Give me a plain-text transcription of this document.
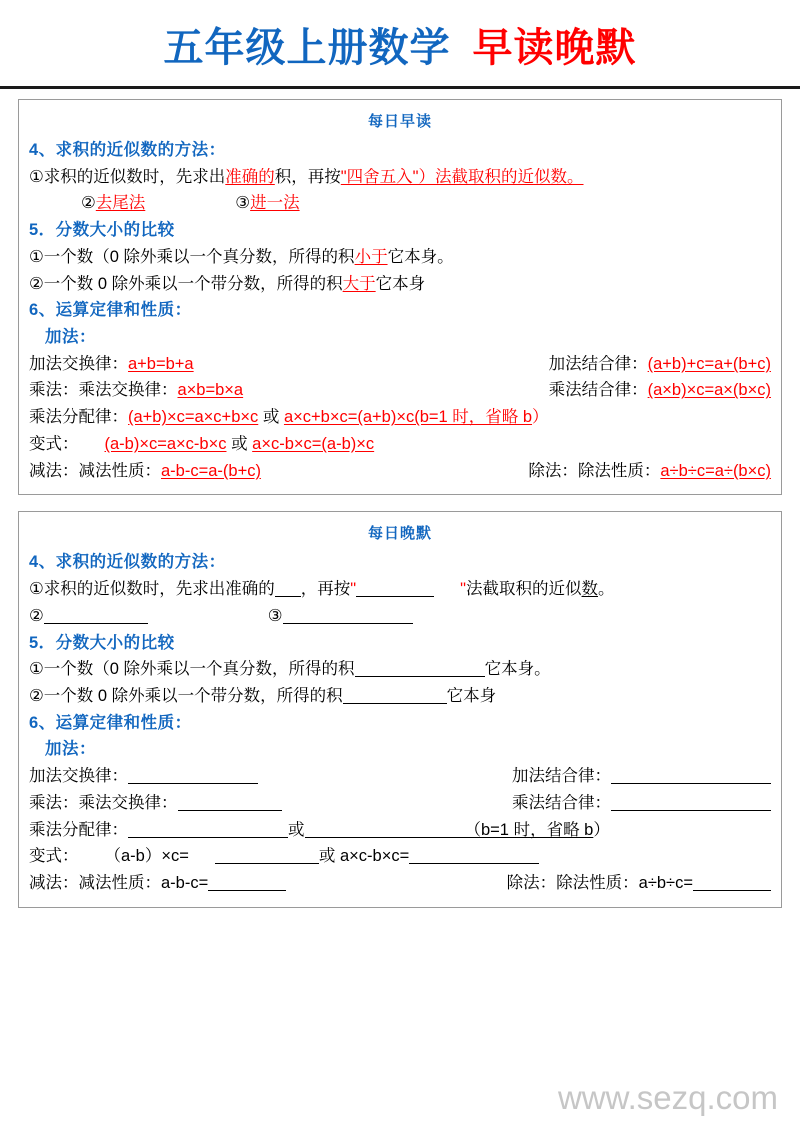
五年级上册数学 早读晚默
每日早读
4、求积的近似数的方法：
①求积的近似数时，先求出准确的积，再按"四舍五入"）法截取积的近似数。
②去尾法	③进一法
5．分数大小的比较
①一个数（0 除外乘以一个真分数，所得的积小于它本身。
②一个数 0 除外乘以一个带分数，所得的积大于它本身
6、运算定律和性质：
加法：
加法交换律：a+b=b+a	加法结合律：(a+b)+c=a+(b+c)
乘法：乘法交换律：a×b=b×a	乘法结合律：(a×b)×c=a×(b×c)
乘法分配律：(a+b)×c=a×c+b×c 或 a×c+b×c=(a+b)×c(b=1 时，省略 b）
变式： (a-b)×c=a×c-b×c 或 a×c-b×c=(a-b)×c
减法：减法性质：a-b-c=a-(b+c)	除法：除法性质：a÷b÷c=a÷(b×c)
每日晚默
4、求积的近似数的方法：
①求积的近似数时，先求出准确的 ，再按"	"法截取积的近似数。
②	③
5．分数大小的比较
①一个数（0 除外乘以一个真分数，所得的积	它本身。
②一个数 0 除外乘以一个带分数，所得的积	它本身
6、运算定律和性质：
加法：
加法交换律：	加法结合律：
乘法：乘法交换律：	乘法结合律：
乘法分配律：	或	（b=1 时，省略 b）
变式： （a-b）×c=	或 a×c-b×c=
减法：减法性质：a-b-c=	除法：除法性质：a÷b÷c=
www.sezq.com
